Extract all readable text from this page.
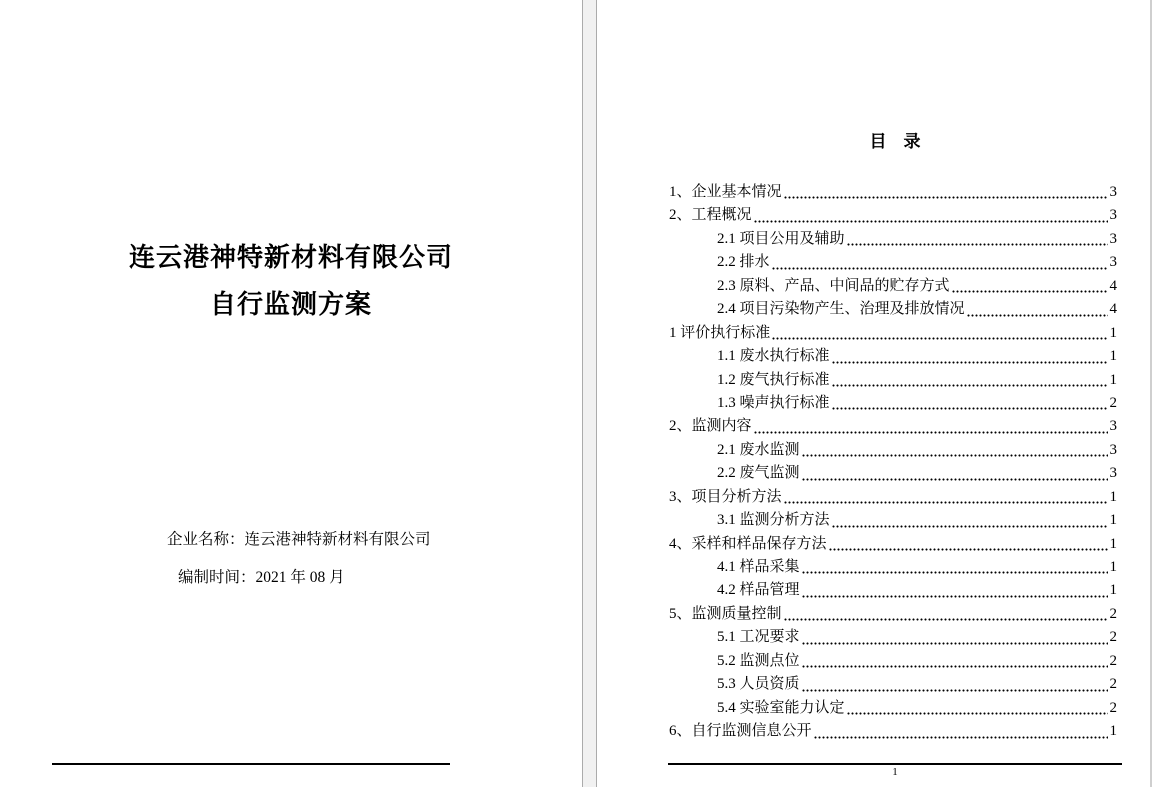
连云港神特新材料有限公司
自行监测方案
企业名称：连云港神特新材料有限公司
编制时间：2021 年 08 月
目　录
1、企业基本情况	3
2、工程概况	3
2.1 项目公用及辅助	3
2.2 排水	3
2.3 原料、产品、中间品的贮存方式	4
2.4 项目污染物产生、治理及排放情况	4
1 评价执行标准	1
1.1 废水执行标准	1
1.2 废气执行标准	1
1.3 噪声执行标准	2
2、监测内容	3
2.1 废水监测	3
2.2 废气监测	3
3、项目分析方法	1
3.1 监测分析方法	1
4、采样和样品保存方法	1
4.1 样品采集	1
4.2 样品管理	1
5、监测质量控制	2
5.1 工况要求	2
5.2 监测点位	2
5.3 人员资质	2
5.4 实验室能力认定	2
6、自行监测信息公开	1
1
